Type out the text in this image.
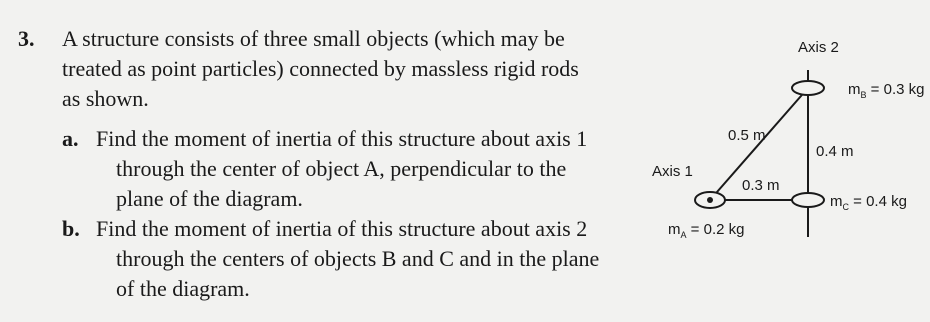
3. A structure consists of three small objects (which may be
treated as point particles) connected by massless rigid rods
as shown.
a. Find the moment of inertia of this structure about axis 1
through the center of object A, perpendicular to the
plane of the diagram.
b. Find the moment of inertia of this structure about axis 2
through the centers of objects B and C and in the plane
of the diagram.
Axis 2
Axis 1
$m_B = 0.3$ kg
$m_C = 0.4$ kg
$m_A = 0.2$ kg
0.5 m
0.4 m
0.3 m
